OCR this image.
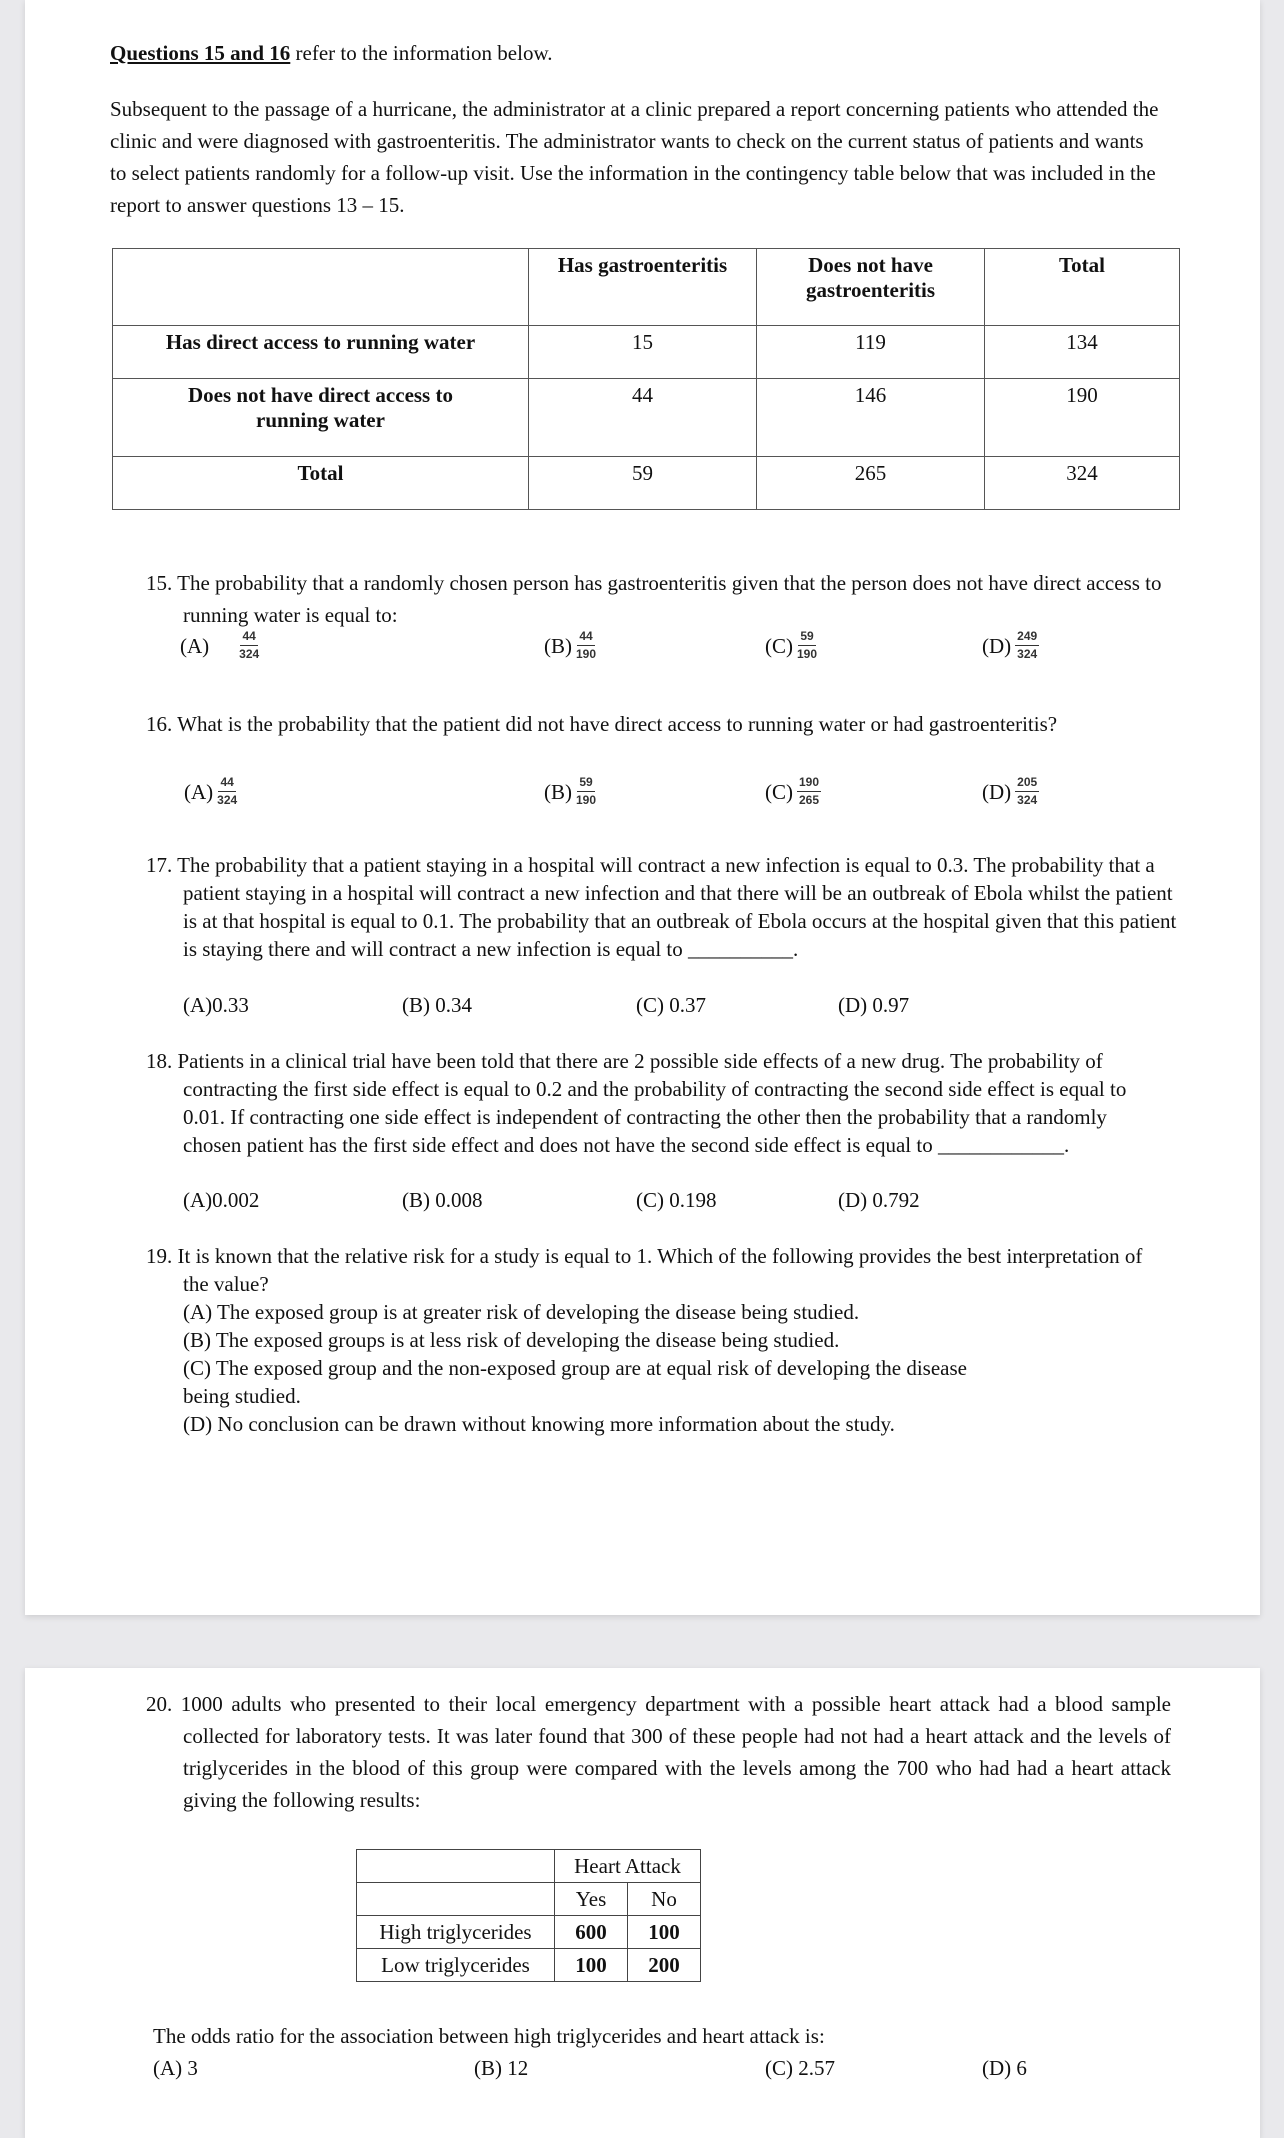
Questions 15 and 16 refer to the information below.
Subsequent to the passage of a hurricane, the administrator at a clinic prepared a report concerning patients who attended the clinic and were diagnosed with gastroenteritis. The administrator wants to check on the current status of patients and wants to select patients randomly for a follow-up visit. Use the information in the contingency table below that was included in the report to answer questions 13 – 15.
	Has gastroenteritis	Does not have gastroenteritis	Total
Has direct access to running water	15	119	134
Does not have direct access to running water	44	146	190
Total	59	265	324
15. The probability that a randomly chosen person has gastroenteritis given that the person does not have direct access to running water is equal to:
(A)	$\frac{44}{324}$	$(B) \frac{44}{190}$	$(C) \frac{59}{190}$	$(D) \frac{249}{324}$
16. What is the probability that the patient did not have direct access to running water or had gastroenteritis?
$(A) \frac{44}{324}$	$(B) \frac{59}{190}$	$(C) \frac{190}{265}$	$(D) \frac{205}{324}$
17. The probability that a patient staying in a hospital will contract a new infection is equal to 0.3. The probability that a patient staying in a hospital will contract a new infection and that there will be an outbreak of Ebola whilst the patient is at that hospital is equal to 0.1. The probability that an outbreak of Ebola occurs at the hospital given that this patient is staying there and will contract a new infection is equal to __________.
(A)0.33	(B) 0.34	(C) 0.37	(D) 0.97
18. Patients in a clinical trial have been told that there are 2 possible side effects of a new drug. The probability of contracting the first side effect is equal to 0.2 and the probability of contracting the second side effect is equal to 0.01. If contracting one side effect is independent of contracting the other then the probability that a randomly chosen patient has the first side effect and does not have the second side effect is equal to ____________.
(A)0.002	(B) 0.008	(C) 0.198	(D) 0.792
19. It is known that the relative risk for a study is equal to 1. Which of the following provides the best interpretation of the value?
(A) The exposed group is at greater risk of developing the disease being studied.
(B) The exposed groups is at less risk of developing the disease being studied.
(C) The exposed group and the non-exposed group are at equal risk of developing the disease being studied.
(D) No conclusion can be drawn without knowing more information about the study.
20. 1000 adults who presented to their local emergency department with a possible heart attack had a blood sample collected for laboratory tests. It was later found that 300 of these people had not had a heart attack and the levels of triglycerides in the blood of this group were compared with the levels among the 700 who had had a heart attack giving the following results:
	Heart Attack	
	Yes	No
High triglycerides	600	100
Low triglycerides	100	200
The odds ratio for the association between high triglycerides and heart attack is:
(A) 3	(B) 12	(C) 2.57	(D) 6
